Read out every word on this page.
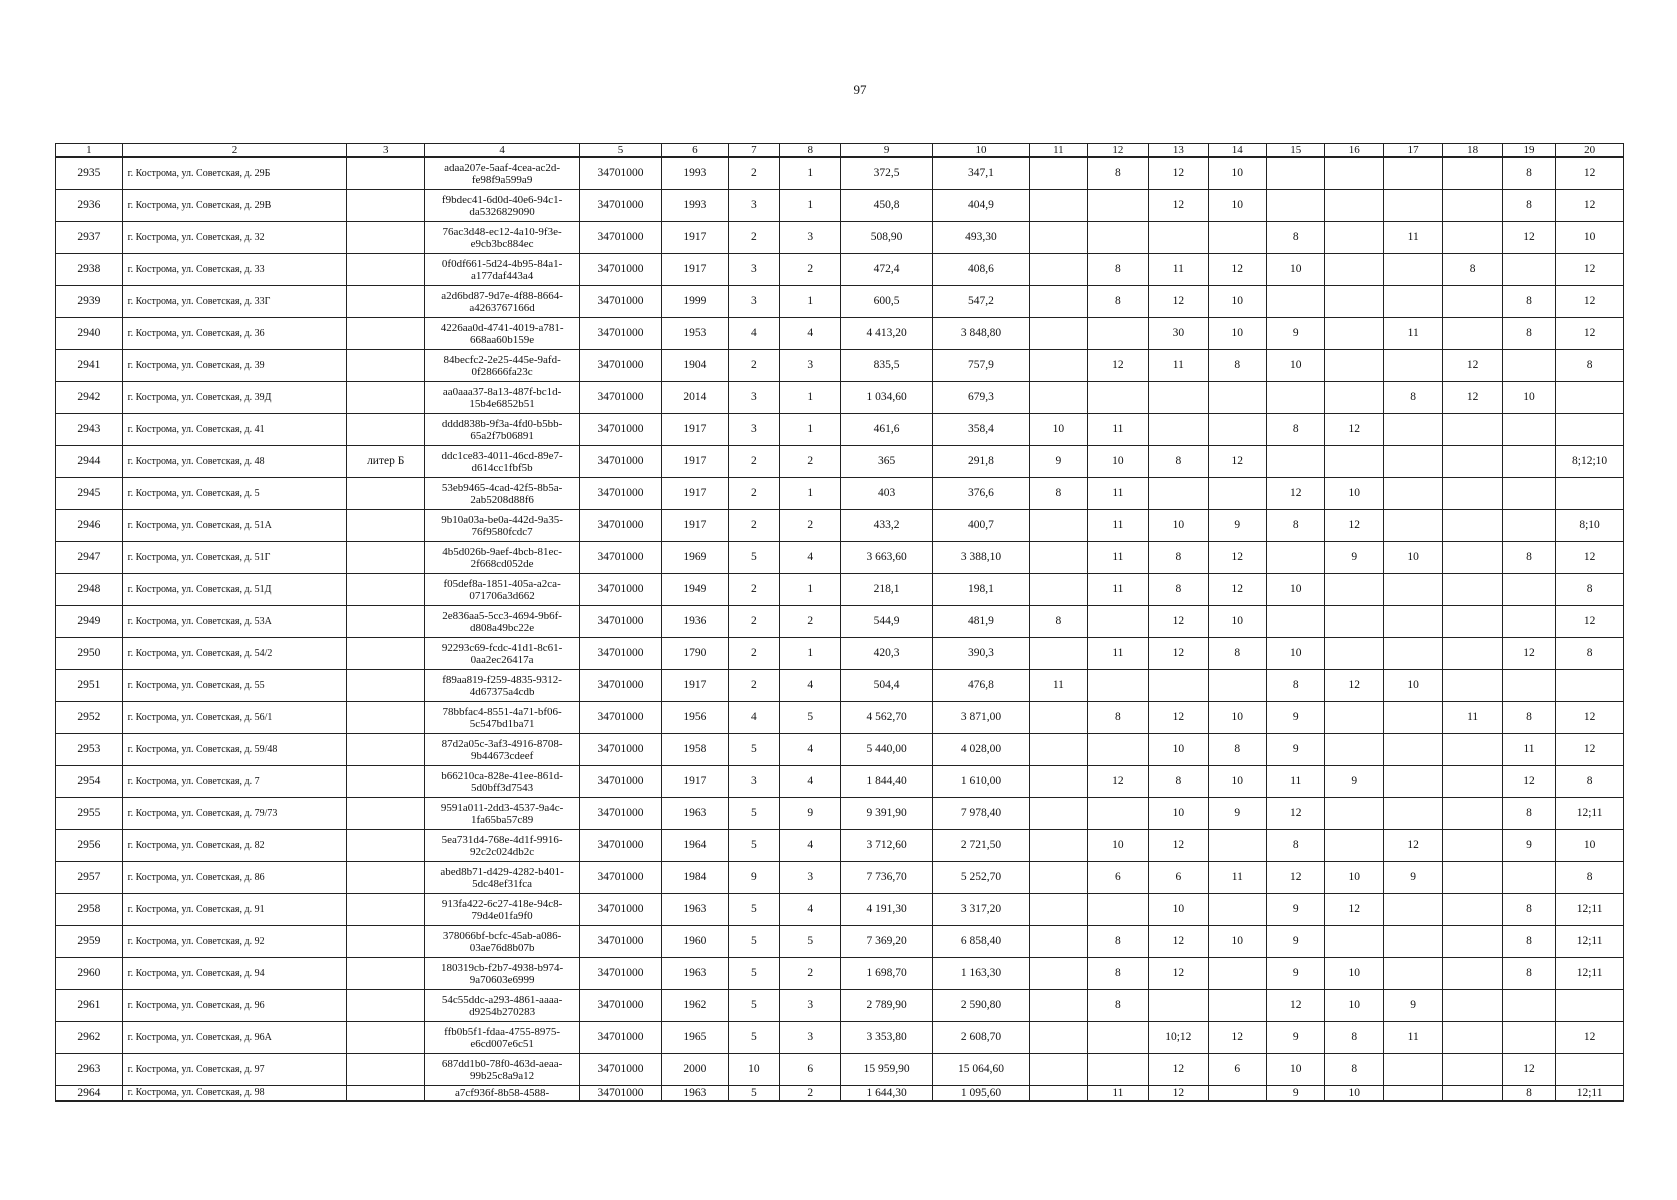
97
1	2	3	4	5	6	7	8	9	10	11	12	13	14	15	16	17	18	19	20
2935	г. Кострома, ул. Советская, д. 29Б		adaa207e-5aaf-4cea-ac2d-fe98f9a599a9	34701000	1993	2	1	372,5	347,1		8	12	10					8	12
2936	г. Кострома, ул. Советская, д. 29В		f9bdec41-6d0d-40e6-94c1-da5326829090	34701000	1993	3	1	450,8	404,9			12	10					8	12
2937	г. Кострома, ул. Советская, д. 32		76ac3d48-ec12-4a10-9f3e-e9cb3bc884ec	34701000	1917	2	3	508,90	493,30					8		11		12	10
2938	г. Кострома, ул. Советская, д. 33		0f0df661-5d24-4b95-84a1-a177daf443a4	34701000	1917	3	2	472,4	408,6		8	11	12	10			8		12
2939	г. Кострома, ул. Советская, д. 33Г		a2d6bd87-9d7e-4f88-8664-a4263767166d	34701000	1999	3	1	600,5	547,2		8	12	10					8	12
2940	г. Кострома, ул. Советская, д. 36		4226aa0d-4741-4019-a781-668aa60b159e	34701000	1953	4	4	4 413,20	3 848,80			30	10	9		11		8	12
2941	г. Кострома, ул. Советская, д. 39		84becfc2-2e25-445e-9afd-0f28666fa23c	34701000	1904	2	3	835,5	757,9		12	11	8	10			12		8
2942	г. Кострома, ул. Советская, д. 39Д		aa0aaa37-8a13-487f-bc1d-15b4e6852b51	34701000	2014	3	1	1 034,60	679,3							8	12	10	
2943	г. Кострома, ул. Советская, д. 41		dddd838b-9f3a-4fd0-b5bb-65a2f7b06891	34701000	1917	3	1	461,6	358,4	10	11			8	12				
2944	г. Кострома, ул. Советская, д. 48	литер Б	ddc1ce83-4011-46cd-89e7-d614cc1fbf5b	34701000	1917	2	2	365	291,8	9	10	8	12						8;12;10
2945	г. Кострома, ул. Советская, д. 5		53eb9465-4cad-42f5-8b5a-2ab5208d88f6	34701000	1917	2	1	403	376,6	8	11			12	10				
2946	г. Кострома, ул. Советская, д. 51А		9b10a03a-be0a-442d-9a35-76f9580fcdc7	34701000	1917	2	2	433,2	400,7		11	10	9	8	12				8;10
2947	г. Кострома, ул. Советская, д. 51Г		4b5d026b-9aef-4bcb-81ec-2f668cd052de	34701000	1969	5	4	3 663,60	3 388,10		11	8	12		9	10		8	12
2948	г. Кострома, ул. Советская, д. 51Д		f05def8a-1851-405a-a2ca-071706a3d662	34701000	1949	2	1	218,1	198,1		11	8	12	10					8
2949	г. Кострома, ул. Советская, д. 53А		2e836aa5-5cc3-4694-9b6f-d808a49bc22e	34701000	1936	2	2	544,9	481,9	8		12	10						12
2950	г. Кострома, ул. Советская, д. 54/2		92293c69-fcdc-41d1-8c61-0aa2ec26417a	34701000	1790	2	1	420,3	390,3		11	12	8	10				12	8
2951	г. Кострома, ул. Советская, д. 55		f89aa819-f259-4835-9312-4d67375a4cdb	34701000	1917	2	4	504,4	476,8	11				8	12	10			
2952	г. Кострома, ул. Советская, д. 56/1		78bbfac4-8551-4a71-bf06-5c547bd1ba71	34701000	1956	4	5	4 562,70	3 871,00		8	12	10	9			11	8	12
2953	г. Кострома, ул. Советская, д. 59/48		87d2a05c-3af3-4916-8708-9b44673cdeef	34701000	1958	5	4	5 440,00	4 028,00			10	8	9				11	12
2954	г. Кострома, ул. Советская, д. 7		b66210ca-828e-41ee-861d-5d0bff3d7543	34701000	1917	3	4	1 844,40	1 610,00		12	8	10	11	9			12	8
2955	г. Кострома, ул. Советская, д. 79/73		9591a011-2dd3-4537-9a4c-1fa65ba57c89	34701000	1963	5	9	9 391,90	7 978,40			10	9	12				8	12;11
2956	г. Кострома, ул. Советская, д. 82		5ea731d4-768e-4d1f-9916-92c2c024db2c	34701000	1964	5	4	3 712,60	2 721,50		10	12		8		12		9	10
2957	г. Кострома, ул. Советская, д. 86		abed8b71-d429-4282-b401-5dc48ef31fca	34701000	1984	9	3	7 736,70	5 252,70		6	6	11	12	10	9			8
2958	г. Кострома, ул. Советская, д. 91		913fa422-6c27-418e-94c8-79d4e01fa9f0	34701000	1963	5	4	4 191,30	3 317,20			10		9	12			8	12;11
2959	г. Кострома, ул. Советская, д. 92		378066bf-bcfc-45ab-a086-03ae76d8b07b	34701000	1960	5	5	7 369,20	6 858,40		8	12	10	9				8	12;11
2960	г. Кострома, ул. Советская, д. 94		180319cb-f2b7-4938-b974-9a70603e6999	34701000	1963	5	2	1 698,70	1 163,30		8	12		9	10			8	12;11
2961	г. Кострома, ул. Советская, д. 96		54c55ddc-a293-4861-aaaa-d9254b270283	34701000	1962	5	3	2 789,90	2 590,80		8			12	10	9			
2962	г. Кострома, ул. Советская, д. 96А		ffb0b5f1-fdaa-4755-8975-e6cd007e6c51	34701000	1965	5	3	3 353,80	2 608,70			10;12	12	9	8	11			12
2963	г. Кострома, ул. Советская, д. 97		687dd1b0-78f0-463d-aeaa-99b25c8a9a12	34701000	2000	10	6	15 959,90	15 064,60			12	6	10	8			12	
2964	г. Кострома, ул. Советская, д. 98		a7cf936f-8b58-4588-	34701000	1963	5	2	1 644,30	1 095,60		11	12		9	10			8	12;11
